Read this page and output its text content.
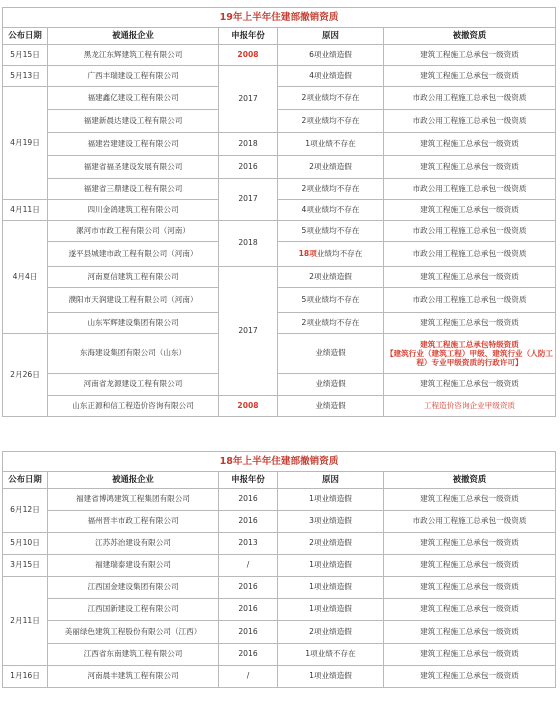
19年上半年住建部撤销资质				
公布日期	被通报企业	申报年份	原因	被撤资质
5月15日	黑龙江东辉建筑工程有限公司	2008	6项业绩造假	建筑工程施工总承包一级资质
5月13日	广西丰瑞建设工程有限公司	2017	4项业绩造假	建筑工程施工总承包一级资质
4月19日	福建鑫亿建设工程有限公司		2项业绩均不存在	市政公用工程施工总承包一级资质
	福建新晨达建设工程有限公司		2项业绩均不存在	市政公用工程施工总承包一级资质
	福建岩建建设工程有限公司	2018	1项业绩不存在	建筑工程施工总承包一级资质
	福建省福圣建设发展有限公司	2016	2项业绩造假	建筑工程施工总承包一级资质
	福建省三鼎建设工程有限公司	2017	2项业绩均不存在	市政公用工程施工总承包一级资质
4月11日	四川金鸽建筑工程有限公司		4项业绩均不存在	建筑工程施工总承包一级资质
4月4日	漯河市市政工程有限公司（河南）	2018	5项业绩均不存在	市政公用工程施工总承包一级资质
	遂平县城建市政工程有限公司（河南）		18项业绩均不存在	市政公用工程施工总承包一级资质
	河南夏信建筑工程有限公司	2017	2项业绩造假	建筑工程施工总承包一级资质
	濮阳市天润建设工程有限公司（河南）		5项业绩均不存在	市政公用工程施工总承包一级资质
	山东军辉建设集团有限公司		2项业绩均不存在	建筑工程施工总承包一级资质
2月26日	东海建设集团有限公司（山东）		业绩造假	建筑工程施工总承包特级资质
【建筑行业（建筑工程）甲级、建筑行业（人防工程）专业甲级资质的行政许可】

	河南省龙源建设工程有限公司		业绩造假	建筑工程施工总承包一级资质
	山东正源和信工程造价咨询有限公司	2008	业绩造假	工程造价咨询企业甲级资质
18年上半年住建部撤销资质				
公布日期	被通报企业	申报年份	原因	被撤资质
6月12日	福建省博鸿建筑工程集团有限公司	2016	1项业绩造假	建筑工程施工总承包一级资质
	福州晋丰市政工程有限公司	2016	3项业绩造假	市政公用工程施工总承包一级资质
5月10日	江苏苏治建设有限公司	2013	2项业绩造假	建筑工程施工总承包一级资质
3月15日	福建瑞泰建设有限公司	/	1项业绩造假	建筑工程施工总承包一级资质
2月11日	江西国金建设集团有限公司	2016	1项业绩造假	建筑工程施工总承包一级资质
	江西国新建设工程有限公司	2016	1项业绩造假	建筑工程施工总承包一级资质
	美丽绿色建筑工程股份有限公司（江西）	2016	2项业绩造假	建筑工程施工总承包一级资质
	江西省东南建筑工程有限公司	2016	1项业绩不存在	建筑工程施工总承包一级资质
1月16日	河南晨丰建筑工程有限公司	/	1项业绩造假	建筑工程施工总承包一级资质
